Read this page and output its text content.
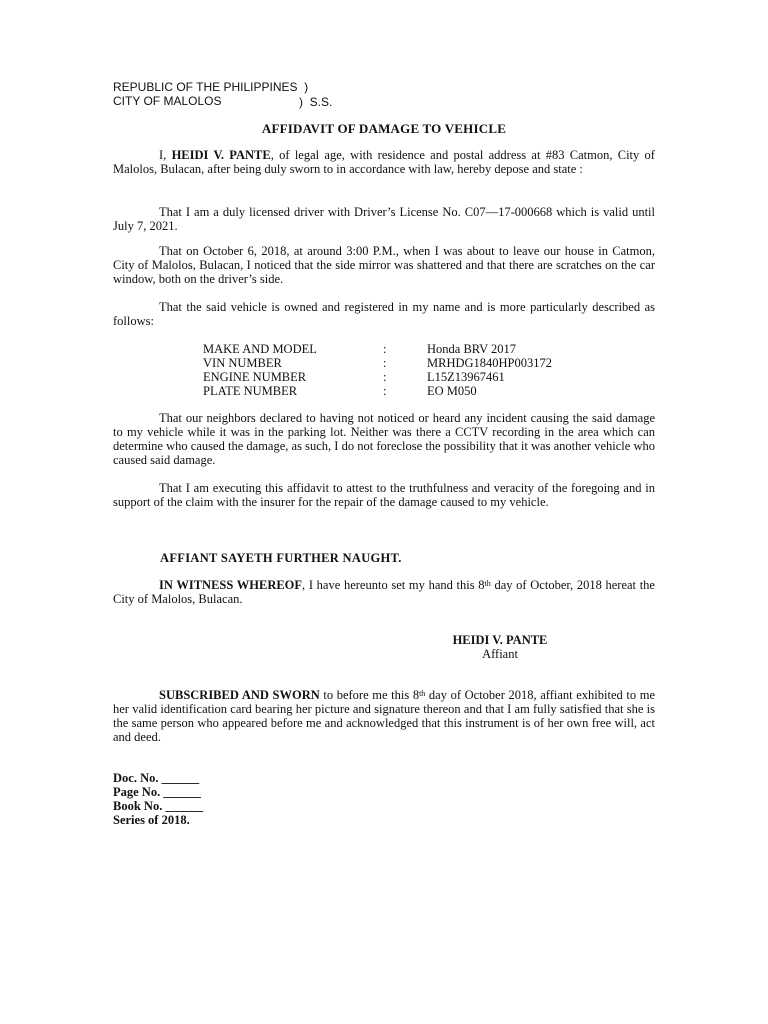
REPUBLIC OF THE PHILIPPINES  )
CITY OF MALOLOS	)  S.S.
AFFIDAVIT OF DAMAGE TO VEHICLE
I, HEIDI V. PANTE, of legal age, with residence and postal address at #83 Catmon, City of Malolos, Bulacan, after being duly sworn to in accordance with law, hereby depose and state :
That I am a duly licensed driver with Driver’s License No. C07—17-000668 which is valid until July 7, 2021.
That on October 6, 2018, at around 3:00 P.M., when I was about to leave our house in Catmon, City of Malolos, Bulacan, I noticed that the side mirror was shattered and that there are scratches on the car window, both on the driver’s side.
That the said vehicle is owned and registered in my name and is more particularly described as follows:
MAKE AND MODEL	:	Honda BRV 2017
VIN NUMBER	:	MRHDG1840HP003172
ENGINE NUMBER	:	L15Z13967461
PLATE NUMBER	:	EO M050
That our neighbors declared to having not noticed or heard any incident causing the said damage to my vehicle while it was in the parking lot. Neither was there a CCTV recording in the area which can determine who caused the damage, as such, I do not foreclose the possibility that it was another vehicle who caused said damage.
That I am executing this affidavit to attest to the truthfulness and veracity of the foregoing and in support of the claim with the insurer for the repair of the damage caused to my vehicle.
AFFIANT SAYETH FURTHER NAUGHT.
IN WITNESS WHEREOF, I have hereunto set my hand this 8th day of October, 2018 hereat the City of Malolos, Bulacan.
HEIDI V. PANTE
Affiant
SUBSCRIBED AND SWORN to before me this 8th day of October 2018, affiant exhibited to me her valid identification card bearing her picture and signature thereon and that I am fully satisfied that she is the same person who appeared before me and acknowledged that this instrument is of her own free will, act and deed.
Doc. No. ______
Page No. ______
Book No. ______
Series of 2018.
